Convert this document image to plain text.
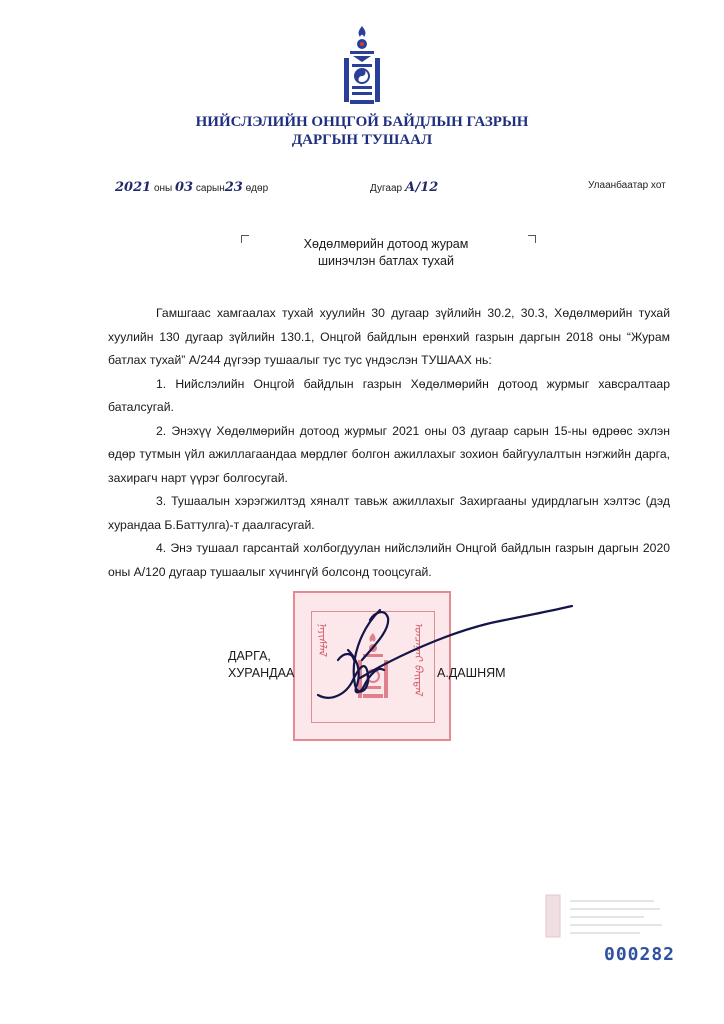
НИЙСЛЭЛИЙН ОНЦГОЙ БАЙДЛЫН ГАЗРЫН
ДАРГЫН ТУШААЛ
2021 оны 03 сарын23 өдөр	Дугаар А/12	Улаанбаатар хот
Хөдөлмөрийн дотоод журам
шинэчлэн батлах тухай

Гамшгаас хамгаалах тухай хуулийн 30 дугаар зүйлийн 30.2, 30.3, Хөдөлмөрийн тухай хуулийн 130 дугаар зүйлийн 130.1, Онцгой байдлын ерөнхий газрын даргын 2018 оны “Журам батлах тухай” А/244 дүгээр тушаалыг тус тус үндэслэн ТУШААХ нь:

1. Нийслэлийн Онцгой байдлын газрын Хөдөлмөрийн дотоод журмыг хавсралтаар баталсугай.

2. Энэхүү Хөдөлмөрийн дотоод журмыг 2021 оны 03 дугаар сарын 15-ны өдрөөс эхлэн өдөр тутмын үйл ажиллагаандаа мөрдлөг болгон ажиллахыг зохион байгуулалтын нэгжийн дарга, захирагч нарт үүрэг болгосугай.

3. Тушаалын хэрэгжилтэд хяналт тавьж ажиллахыг Захиргааны удирдлагын хэлтэс (дэд хурандаа Б.Баттулга)-т даалгасугай.

4. Энэ тушаал гарсантай холбогдуулан нийслэлийн Онцгой байдлын газрын даргын 2020 оны А/120 дугаар тушаалыг хүчингүй болсонд тооцсугай.

ᠨᠡᠶᠢᠰᠯᠡᠯ	ᠣᠨᠴᠠᠭᠠᠢ ᠪᠠᠢᠳᠠᠯ
ДАРГА,
ХУРАНДАА	А.ДАШНЯМ
000282
